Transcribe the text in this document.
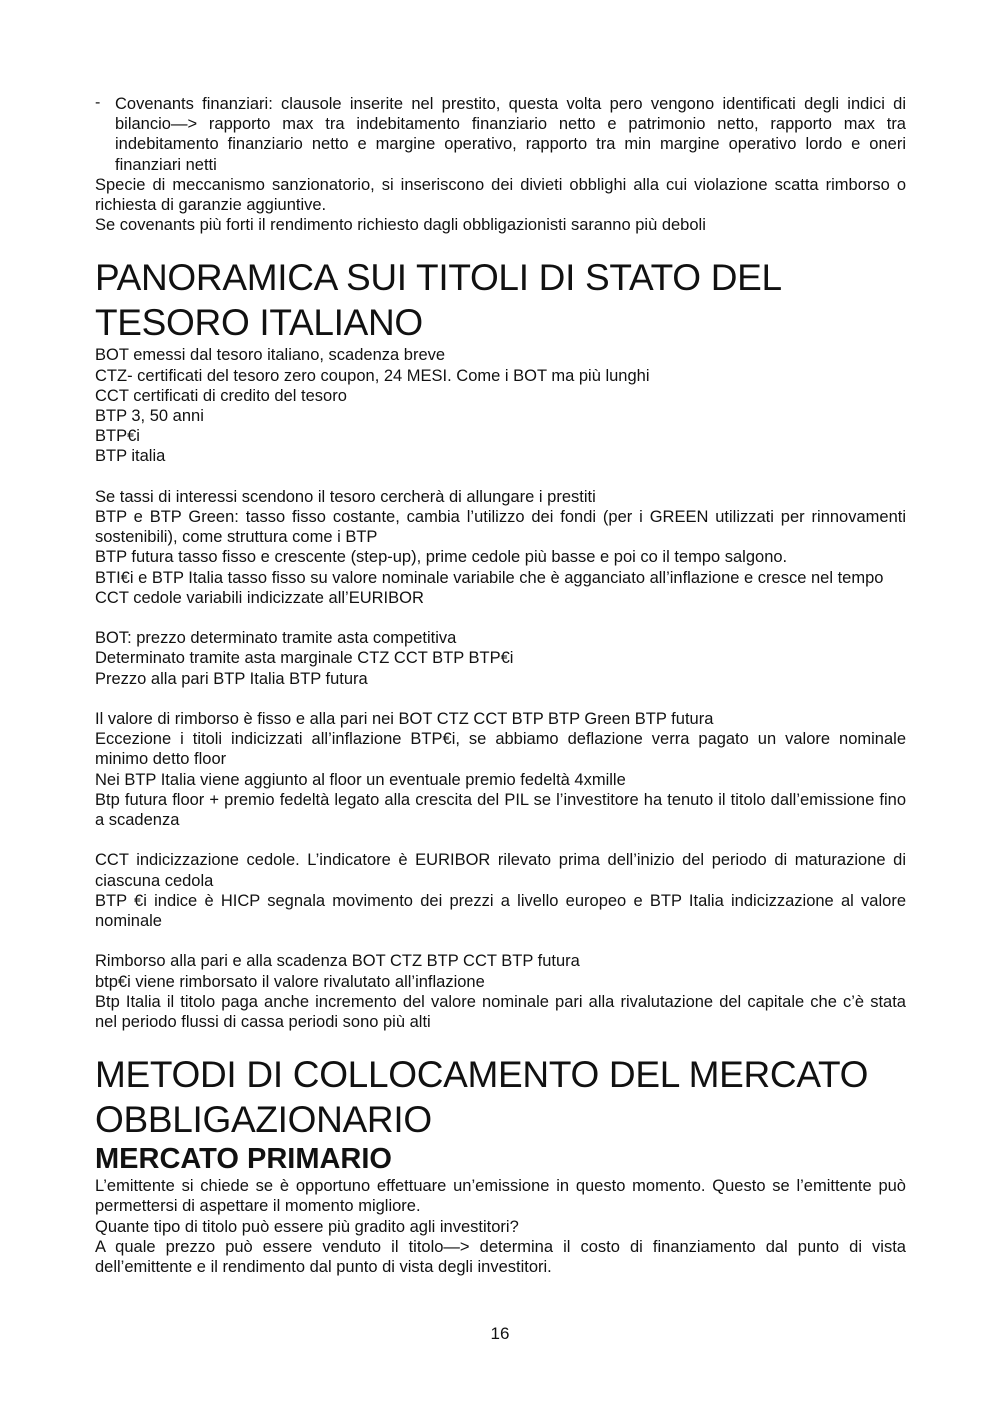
- Covenants finanziari: clausole inserite nel prestito, questa volta pero vengono identificati degli indici di bilancio—> rapporto max tra indebitamento finanziario netto e patrimonio netto, rapporto max tra indebitamento finanziario netto e margine operativo, rapporto tra min margine operativo lordo e oneri finanziari netti

Specie di meccanismo sanzionatorio, si inseriscono dei divieti obblighi alla cui violazione scatta rimborso o richiesta di garanzie aggiuntive.

Se covenants più forti il rendimento richiesto dagli obbligazionisti saranno più deboli

PANORAMICA SUI TITOLI DI STATO DEL TESORO ITALIANO

BOT emessi dal tesoro italiano, scadenza breve

CTZ- certificati del tesoro zero coupon, 24 MESI. Come i BOT ma più lunghi

CCT certificati di credito del tesoro

BTP 3, 50 anni

BTP€i

BTP italia

Se tassi di interessi scendono il tesoro cercherà di allungare i prestiti

BTP e BTP Green: tasso fisso costante, cambia l’utilizzo dei fondi (per i GREEN utilizzati per rinnovamenti sostenibili), come struttura come i BTP

BTP futura tasso fisso e crescente (step-up), prime cedole più basse e poi co il tempo salgono.

BTI€i e BTP Italia tasso fisso su valore nominale variabile che è agganciato all’inflazione e cresce nel tempo

CCT cedole variabili indicizzate all’EURIBOR

BOT: prezzo determinato tramite asta competitiva

Determinato tramite asta marginale CTZ CCT BTP BTP€i

Prezzo alla pari BTP Italia BTP futura

Il valore di rimborso è fisso e alla pari nei BOT CTZ CCT BTP BTP Green BTP futura

Eccezione i titoli indicizzati all’inflazione BTP€i, se abbiamo deflazione verra pagato un valore nominale minimo detto floor

Nei BTP Italia viene aggiunto al floor un eventuale premio fedeltà 4xmille

Btp futura floor + premio fedeltà legato alla crescita del PIL se l’investitore ha tenuto il titolo dall’emissione fino a scadenza

CCT indicizzazione cedole. L’indicatore è EURIBOR rilevato prima dell’inizio del periodo di maturazione di ciascuna cedola

BTP €i indice è HICP segnala movimento dei prezzi a livello europeo e BTP Italia indicizzazione al valore nominale

Rimborso alla pari e alla scadenza BOT CTZ BTP CCT BTP futura

btp€i viene rimborsato il valore rivalutato all’inflazione

Btp Italia il titolo paga anche incremento del valore nominale pari alla rivalutazione del capitale che c’è stata nel periodo flussi di cassa periodi sono più alti

METODI DI COLLOCAMENTO DEL MERCATO OBBLIGAZIONARIO
MERCATO PRIMARIO

L’emittente si chiede se è opportuno effettuare un’emissione in questo momento. Questo se l’emittente può permettersi di aspettare il momento migliore.

Quante tipo di titolo può essere più gradito agli investitori?

A quale prezzo può essere venduto il titolo—> determina il costo di finanziamento dal punto di vista dell’emittente e il rendimento dal punto di vista degli investitori.

16
